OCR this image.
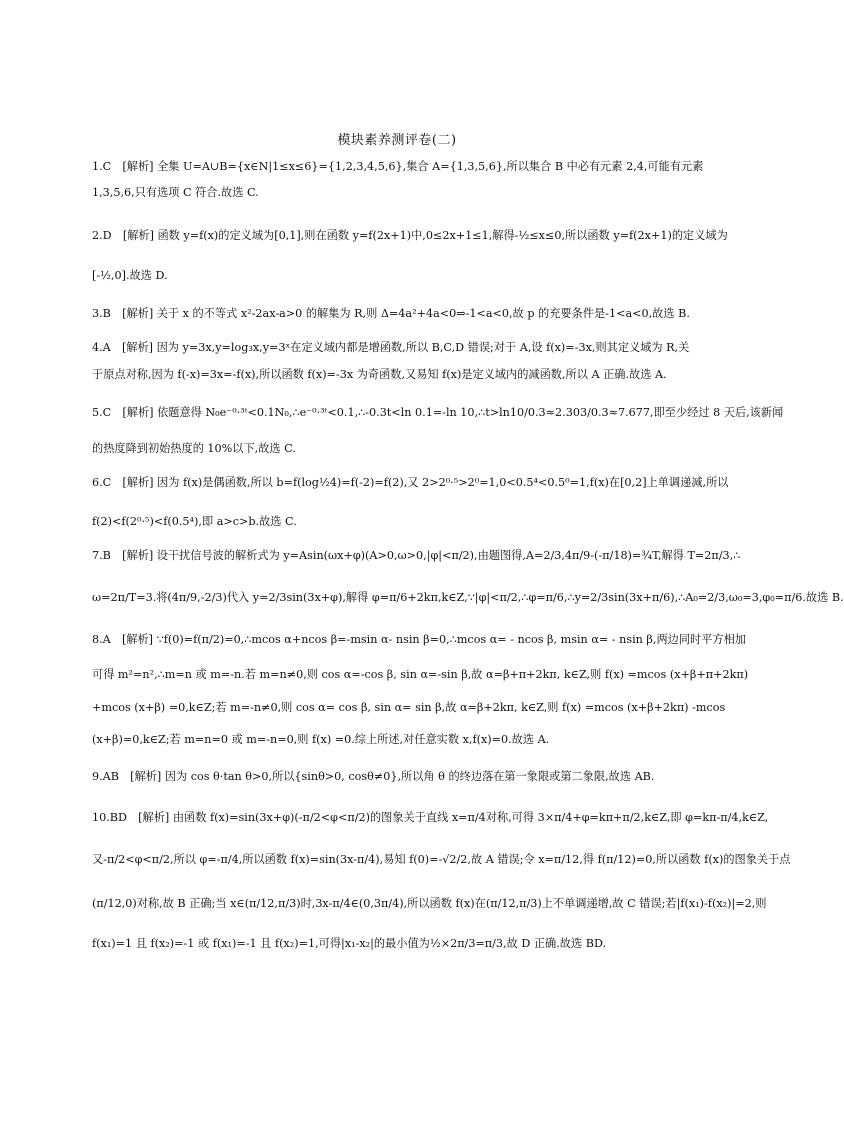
模块素养测评卷(二)
1.C　[解析] 全集 U=A∪B={x∈N|1≤x≤6}={1,2,3,4,5,6},集合 A={1,3,5,6},所以集合 B 中必有元素 2,4,可能有元素
1,3,5,6,只有选项 C 符合.故选 C.
2.D　[解析] 函数 y=f(x)的定义域为[0,1],则在函数 y=f(2x+1)中,0≤2x+1≤1,解得-½≤x≤0,所以函数 y=f(2x+1)的定义域为
[-½,0].故选 D.
3.B　[解析] 关于 x 的不等式 x²-2ax-a>0 的解集为 R,则 Δ=4a²+4a<0⇒-1<a<0,故 p 的充要条件是-1<a<0,故选 B.
4.A　[解析] 因为 y=3x,y=log₃x,y=3ˣ在定义域内都是增函数,所以 B,C,D 错误;对于 A,设 f(x)=-3x,则其定义域为 R,关
于原点对称,因为 f(-x)=3x=-f(x),所以函数 f(x)=-3x 为奇函数,又易知 f(x)是定义域内的减函数,所以 A 正确.故选 A.
5.C　[解析] 依题意得 N₀e⁻⁰·³ᵗ<0.1N₀,∴e⁻⁰·³ᵗ<0.1,∴-0.3t<ln 0.1=-ln 10,∴t>ln10/0.3≈2.303/0.3≈7.677,即至少经过 8 天后,该新闻
的热度降到初始热度的 10%以下,故选 C.
6.C　[解析] 因为 f(x)是偶函数,所以 b=f(log½4)=f(-2)=f(2),又 2>2⁰·⁵>2⁰=1,0<0.5⁴<0.5⁰=1,f(x)在[0,2]上单调递减,所以
f(2)<f(2⁰·⁵)<f(0.5⁴),即 a>c>b.故选 C.
7.B　[解析] 设干扰信号波的解析式为 y=Asin(ωx+φ)(A>0,ω>0,|φ|<π/2),由题图得,A=2/3,4π/9-(-π/18)=¾T,解得 T=2π/3,∴
ω=2π/T=3.将(4π/9,-2/3)代入 y=2/3sin(3x+φ),解得 φ=π/6+2kπ,k∈Z,∵|φ|<π/2,∴φ=π/6,∴y=2/3sin(3x+π/6),∴A₀=2/3,ω₀=3,φ₀=π/6.故选 B.
8.A　[解析] ∵f(0)=f(π/2)=0,∴mcos α+ncos β=-msin α- nsin β=0,∴mcos α= - ncos β, msin α= - nsin β,两边同时平方相加
可得 m²=n²,∴m=n 或 m=-n.若 m=n≠0,则 cos α=-cos β, sin α=-sin β,故 α=β+π+2kπ, k∈Z,则 f(x) =mcos (x+β+π+2kπ)
+mcos (x+β) =0,k∈Z;若 m=-n≠0,则 cos α= cos β, sin α= sin β,故 α=β+2kπ, k∈Z,则 f(x) =mcos (x+β+2kπ) -mcos
(x+β)=0,k∈Z;若 m=n=0 或 m=-n=0,则 f(x) =0.综上所述,对任意实数 x,f(x)=0.故选 A.
9.AB　[解析] 因为 cos θ·tan θ>0,所以{sinθ>0, cosθ≠0},所以角 θ 的终边落在第一象限或第二象限,故选 AB.
10.BD　[解析] 由函数 f(x)=sin(3x+φ)(-π/2<φ<π/2)的图象关于直线 x=π/4对称,可得 3×π/4+φ=kπ+π/2,k∈Z,即 φ=kπ-π/4,k∈Z,
又-π/2<φ<π/2,所以 φ=-π/4,所以函数 f(x)=sin(3x-π/4),易知 f(0)=-√2/2,故 A 错误;令 x=π/12,得 f(π/12)=0,所以函数 f(x)的图象关于点
(π/12,0)对称,故 B 正确;当 x∈(π/12,π/3)时,3x-π/4∈(0,3π/4),所以函数 f(x)在(π/12,π/3)上不单调递增,故 C 错误;若|f(x₁)-f(x₂)|=2,则
f(x₁)=1 且 f(x₂)=-1 或 f(x₁)=-1 且 f(x₂)=1,可得|x₁-x₂|的最小值为½×2π/3=π/3,故 D 正确.故选 BD.
